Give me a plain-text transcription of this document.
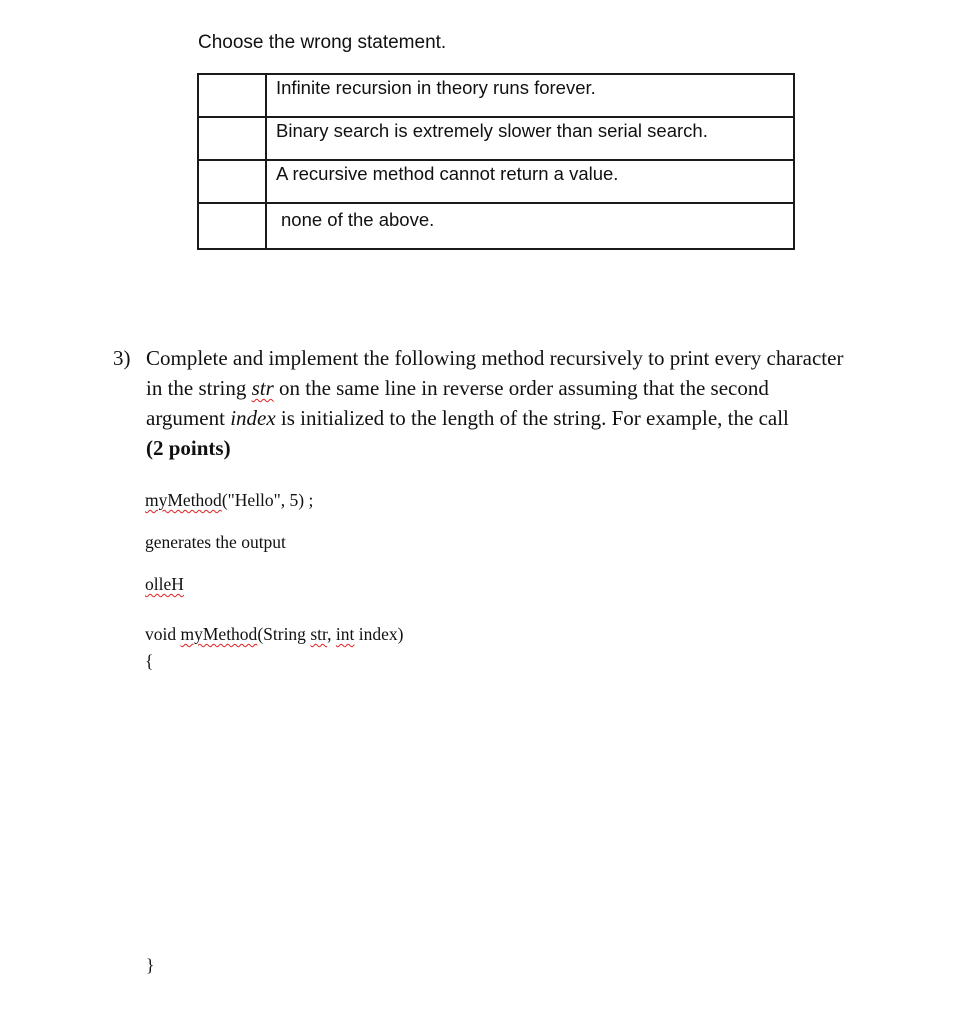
Choose the wrong statement.
	Infinite recursion in theory runs forever.
	Binary search is extremely slower than serial search.
	A recursive method cannot return a value.
	none of the above.
3) Complete and implement the following method recursively to print every character

in the string str on the same line in reverse order assuming that the second

argument index is initialized to the length of the string. For example, the call

(2 points)

myMethod("Hello", 5) ;
generates the output
olleH
void myMethod(String str, int index)
{
}
